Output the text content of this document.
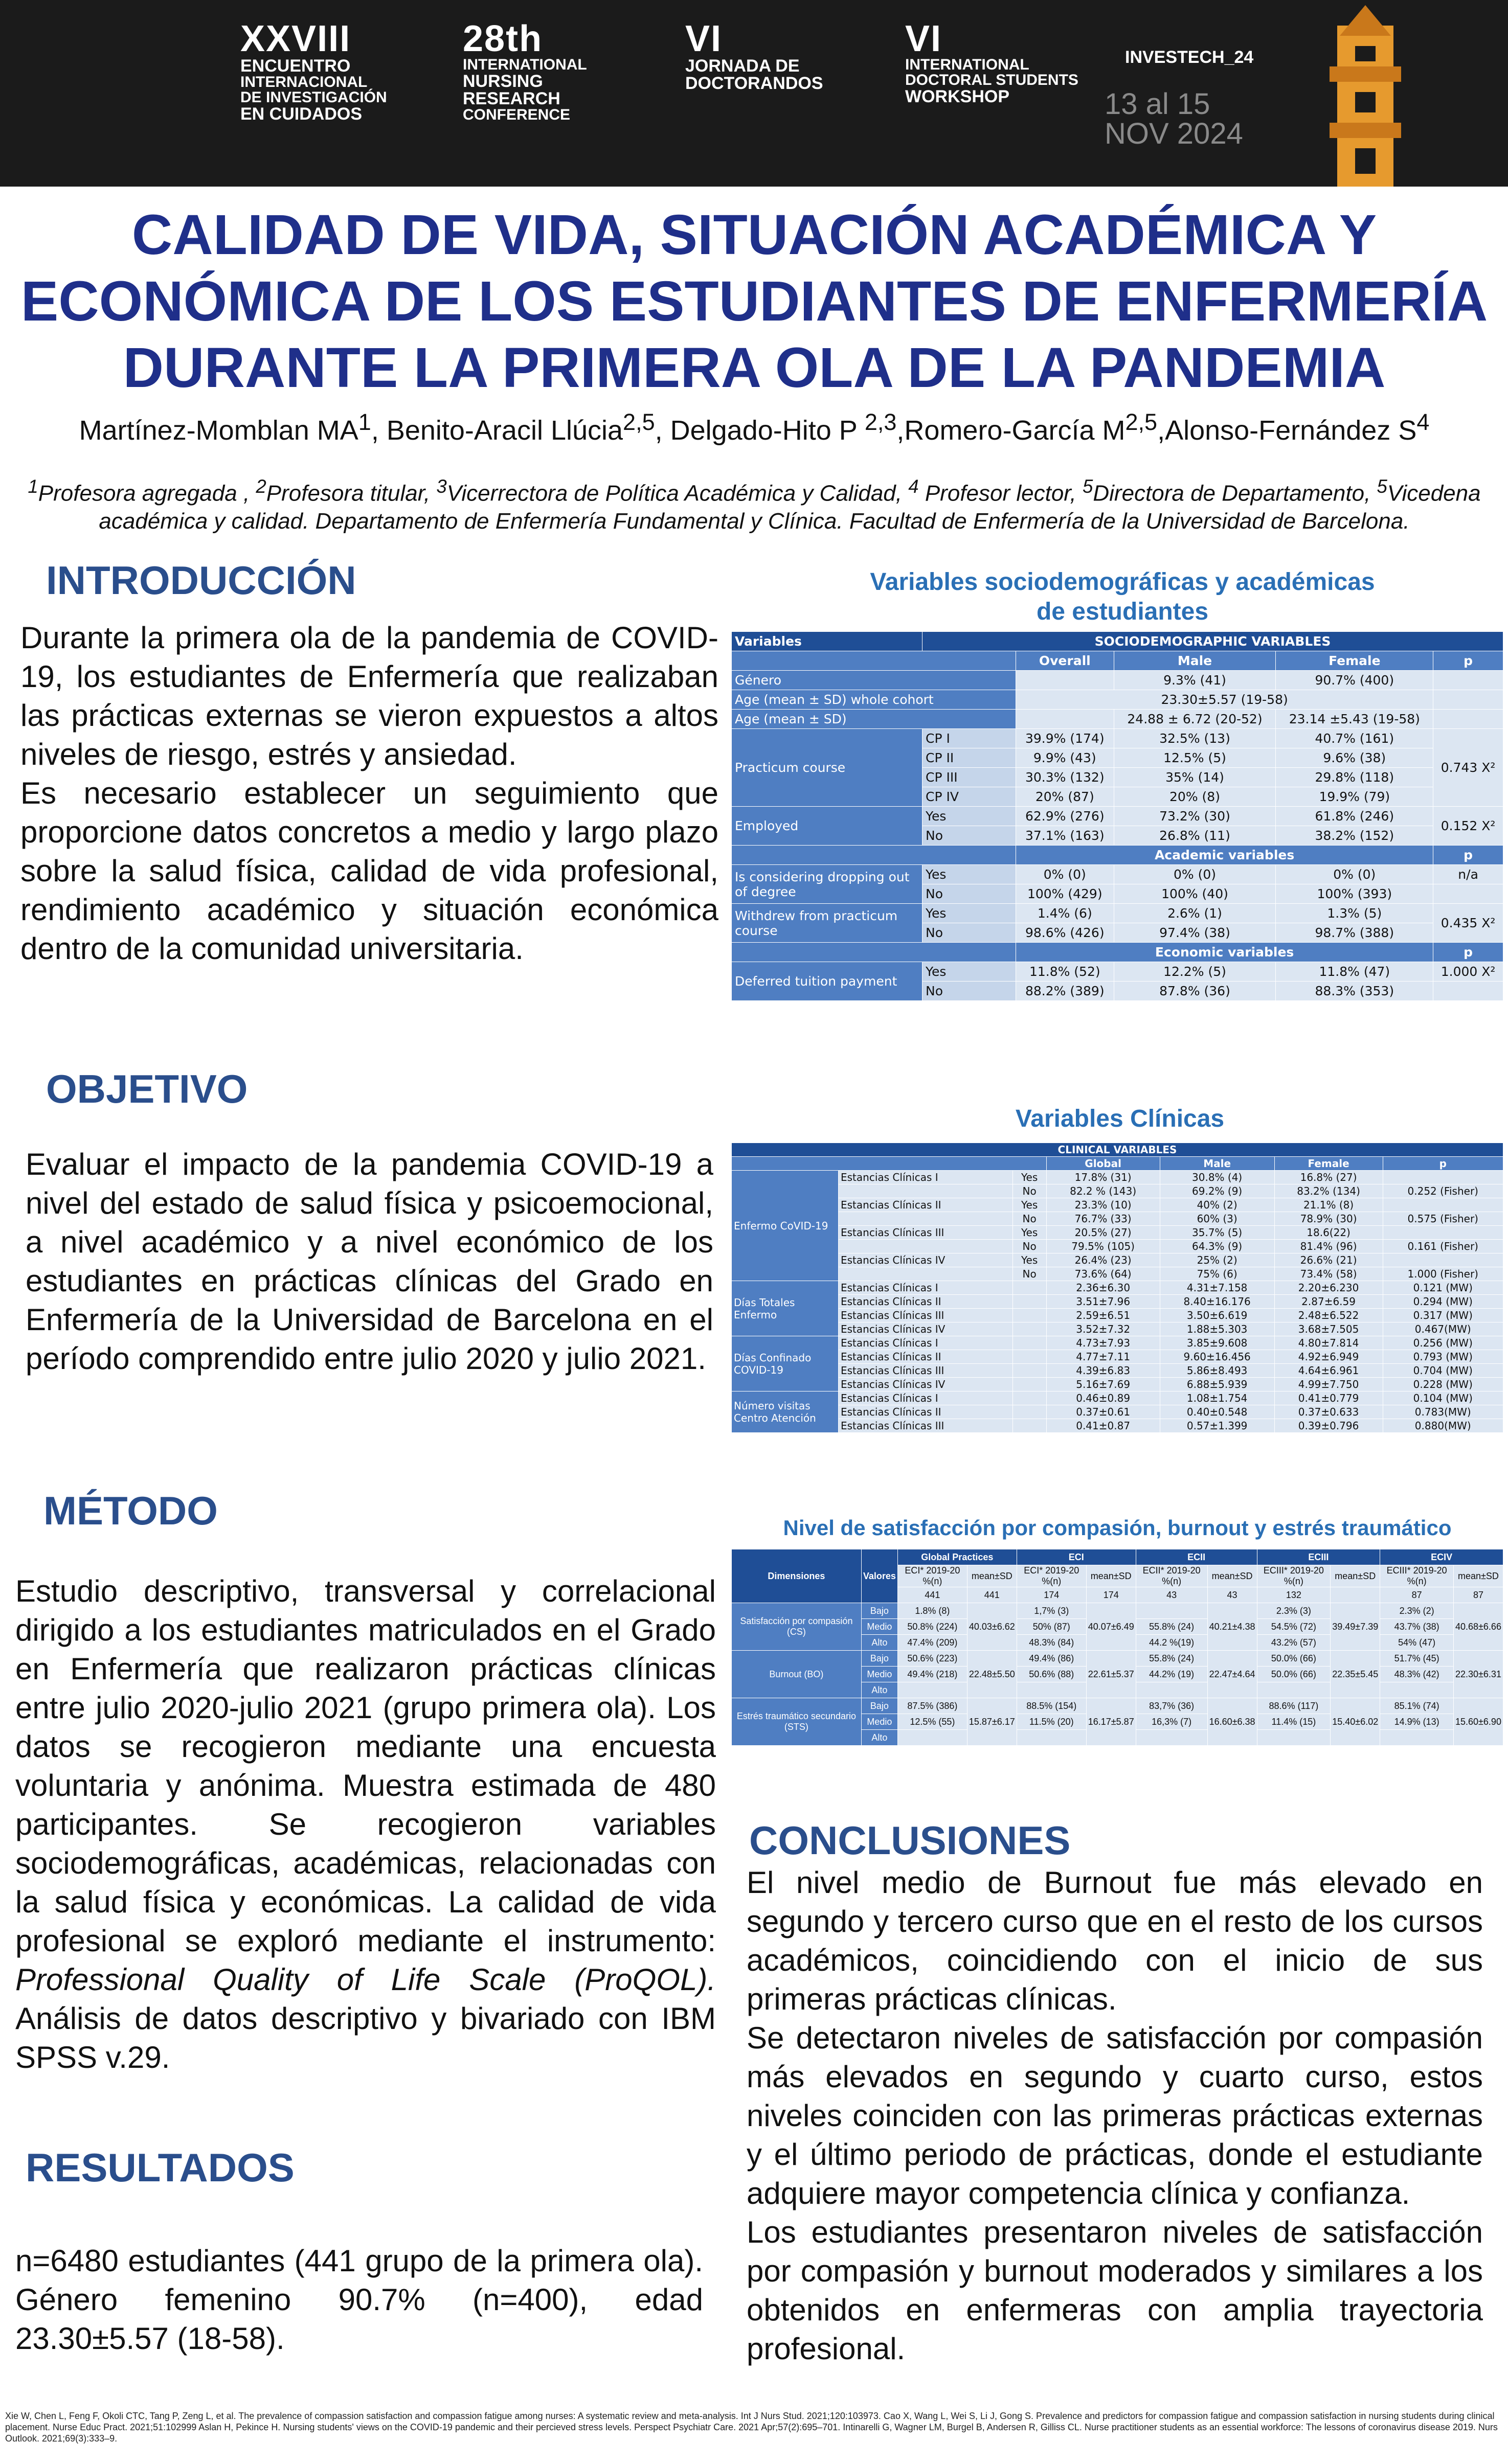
XXVIII
ENCUENTRO
INTERNACIONAL
DE INVESTIGACIÓN
EN CUIDADOS
28th
INTERNATIONAL
NURSING
RESEARCH
CONFERENCE
VI
JORNADA DE
DOCTORANDOS
VI
INTERNATIONAL
DOCTORAL STUDENTS
WORKSHOP
INVESTECH_24
13 al 15
NOV 2024
CALIDAD DE VIDA, SITUACIÓN ACADÉMICA Y
ECONÓMICA DE LOS ESTUDIANTES DE ENFERMERÍA
DURANTE LA PRIMERA OLA DE LA PANDEMIA
Martínez-Momblan $MA^1$, Benito-Aracil Llúcia$^{2,5}$, Delgado-Hito P $^{2,3}$,Romero-García M$^{2,5}$,Alonso-Fernández $S^4$
$^1$Profesora agregada , $^2$Profesora titular, $^3$Vicerrectora de Política Académica y Calidad, $^4$ Profesor lector, $^5$Directora de Departamento, $^5$Vicedena académica y calidad. Departamento de Enfermería Fundamental y Clínica. Facultad de Enfermería de la Universidad de Barcelona.
INTRODUCCIÓN

Durante la primera ola de la pandemia de COVID-19, los estudiantes de Enfermería que realizaban las prácticas externas se vieron expuestos a altos niveles de riesgo, estrés y ansiedad.

Es necesario establecer un seguimiento que proporcione datos concretos a medio y largo plazo sobre la salud física, calidad de vida profesional, rendimiento académico y situación económica dentro de la comunidad universitaria.

OBJETIVO

Evaluar el impacto de la pandemia COVID-19 a nivel del estado de salud física y psicoemocional, a nivel académico y a nivel económico de los estudiantes en prácticas clínicas del Grado en Enfermería de la Universidad de Barcelona en el período comprendido entre julio 2020 y julio 2021.

MÉTODO

Estudio descriptivo, transversal y correlacional dirigido a los estudiantes matriculados en el Grado en Enfermería que realizaron prácticas clínicas entre julio 2020-julio 2021 (grupo primera ola). Los datos se recogieron mediante una encuesta voluntaria y anónima. Muestra estimada de 480 participantes. Se recogieron variables sociodemográficas, académicas, relacionadas con la salud física y económicas. La calidad de vida profesional se exploró mediante el instrumento: Professional Quality of Life Scale (ProQOL). Análisis de datos descriptivo y bivariado con IBM SPSS v.29.

RESULTADOS

n=6480 estudiantes (441 grupo de la primera ola). Género femenino 90.7% (n=400), edad 23.30±5.57 (18-58).

Variables sociodemográficas y académicas de estudiantes
Variables	SOCIODEMOGRAPHIC VARIABLES				
		Overall	Male	Female	p
Género			9.3% (41)	90.7% (400)	
Age (mean ± SD) whole cohort		23.30±5.57 (19-58)			
Age (mean ± SD)			24.88 ± 6.72 (20-52)	23.14 ±5.43 (19-58)	
Practicum course	CP I	39.9% (174)	32.5% (13)	40.7% (161)	0.743 X²
	CP II	9.9% (43)	12.5% (5)	9.6% (38)	
	CP III	30.3% (132)	35% (14)	29.8% (118)	
	CP IV	20% (87)	20% (8)	19.9% (79)	
Employed	Yes	62.9% (276)	73.2% (30)	61.8% (246)	0.152 X²
	No	37.1% (163)	26.8% (11)	38.2% (152)	
		Academic variables			p
Is considering dropping out of degree	Yes	0% (0)	0% (0)	0% (0)	n/a
	No	100% (429)	100% (40)	100% (393)	
Withdrew from practicum course	Yes	1.4% (6)	2.6% (1)	1.3% (5)	0.435 X²
	No	98.6% (426)	97.4% (38)	98.7% (388)	
		Economic variables			p
Deferred tuition payment	Yes	11.8% (52)	12.2% (5)	11.8% (47)	1.000 X²
	No	88.2% (389)	87.8% (36)	88.3% (353)	
Variables Clínicas
CLINICAL VARIABLES						
			Global	Male	Female	p
Enfermo CoVID-19	Estancias Clínicas I	Yes	17.8% (31)	30.8% (4)	16.8% (27)	
		No	82.2 % (143)	69.2% (9)	83.2% (134)	0.252 (Fisher)
	Estancias Clínicas II	Yes	23.3% (10)	40% (2)	21.1% (8)	
		No	76.7% (33)	60% (3)	78.9% (30)	0.575 (Fisher)
	Estancias Clínicas III	Yes	20.5% (27)	35.7% (5)	18.6(22)	
		No	79.5% (105)	64.3% (9)	81.4% (96)	0.161 (Fisher)
	Estancias Clínicas IV	Yes	26.4% (23)	25% (2)	26.6% (21)	
		No	73.6% (64)	75% (6)	73.4% (58)	1.000 (Fisher)
Días Totales Enfermo	Estancias Clínicas I		2.36±6.30	4.31±7.158	2.20±6.230	0.121 (MW)
	Estancias Clínicas II		3.51±7.96	8.40±16.176	2.87±6.59	0.294 (MW)
	Estancias Clínicas III		2.59±6.51	3.50±6.619	2.48±6.522	0.317 (MW)
	Estancias Clínicas IV		3.52±7.32	1.88±5.303	3.68±7.505	0.467(MW)
Días Confinado COVID-19	Estancias Clínicas I		4.73±7.93	3.85±9.608	4.80±7.814	0.256 (MW)
	Estancias Clínicas II		4.77±7.11	9.60±16.456	4.92±6.949	0.793 (MW)
	Estancias Clínicas III		4.39±6.83	5.86±8.493	4.64±6.961	0.704 (MW)
	Estancias Clínicas IV		5.16±7.69	6.88±5.939	4.99±7.750	0.228 (MW)
Número visitas Centro Atención	Estancias Clínicas I		0.46±0.89	1.08±1.754	0.41±0.779	0.104 (MW)
	Estancias Clínicas II		0.37±0.61	0.40±0.548	0.37±0.633	0.783(MW)
	Estancias Clínicas III		0.41±0.87	0.57±1.399	0.39±0.796	0.880(MW)
Nivel de satisfacción por compasión, burnout y estrés traumático
Dimensiones	Valores	Global Practices		ECI		ECII		ECIII		ECIV	
		ECI* 2019-20 %(n)	mean±SD	ECI* 2019-20 %(n)	mean±SD	ECII* 2019-20 %(n)	mean±SD	ECIII* 2019-20 %(n)	mean±SD	ECIII* 2019-20 %(n)	mean±SD
		441	441	174	174	43	43	132		87	87
Satisfacción por compasión (CS)	Bajo	1.8% (8)	40.03±6.62	1,7% (3)	40.07±6.49		40.21±4.38	2.3% (3)	39.49±7.39	2.3% (2)	40.68±6.66
	Medio	50.8% (224)		50% (87)		55.8% (24)		54.5% (72)		43.7% (38)	
	Alto	47.4% (209)		48.3% (84)		44.2 %(19)		43.2% (57)		54% (47)	
Burnout (BO)	Bajo	50.6% (223)	22.48±5.50	49.4% (86)	22.61±5.37	55.8% (24)	22.47±4.64	50.0% (66)	22.35±5.45	51.7% (45)	22.30±6.31
	Medio	49.4% (218)		50.6% (88)		44.2% (19)		50.0% (66)		48.3% (42)	
	Alto										
Estrés traumático secundario (STS)	Bajo	87.5% (386)	15.87±6.17	88.5% (154)	16.17±5.87	83,7% (36)	16.60±6.38	88.6% (117)	15.40±6.02	85.1% (74)	15.60±6.90
	Medio	12.5% (55)		11.5% (20)		16,3% (7)		11.4% (15)		14.9% (13)	
	Alto										
CONCLUSIONES

El nivel medio de Burnout fue más elevado en segundo y tercero curso que en el resto de los cursos académicos, coincidiendo con el inicio de sus primeras prácticas clínicas.

Se detectaron niveles de satisfacción por compasión más elevados en segundo y cuarto curso, estos niveles coinciden con las primeras prácticas externas y el último periodo de prácticas, donde el estudiante adquiere mayor competencia clínica y confianza.

Los estudiantes presentaron niveles de satisfacción por compasión y burnout moderados y similares a los obtenidos en enfermeras con amplia trayectoria profesional.

Xie W, Chen L, Feng F, Okoli CTC, Tang P, Zeng L, et al. The prevalence of compassion satisfaction and compassion fatigue among nurses: A systematic review and meta-analysis. Int J Nurs Stud. 2021;120:103973. Cao X, Wang L, Wei S, Li J, Gong S. Prevalence and predictors for compassion fatigue and compassion satisfaction in nursing students during clinical placement. Nurse Educ Pract. 2021;51:102999 Aslan H, Pekince H. Nursing students' views on the COVID-19 pandemic and their percieved stress levels. Perspect Psychiatr Care. 2021 Apr;57(2):695–701. Intinarelli G, Wagner LM, Burgel B, Andersen R, Gilliss CL. Nurse practitioner students as an essential workforce: The lessons of coronavirus disease 2019. Nurs Outlook. 2021;69(3):333–9.
